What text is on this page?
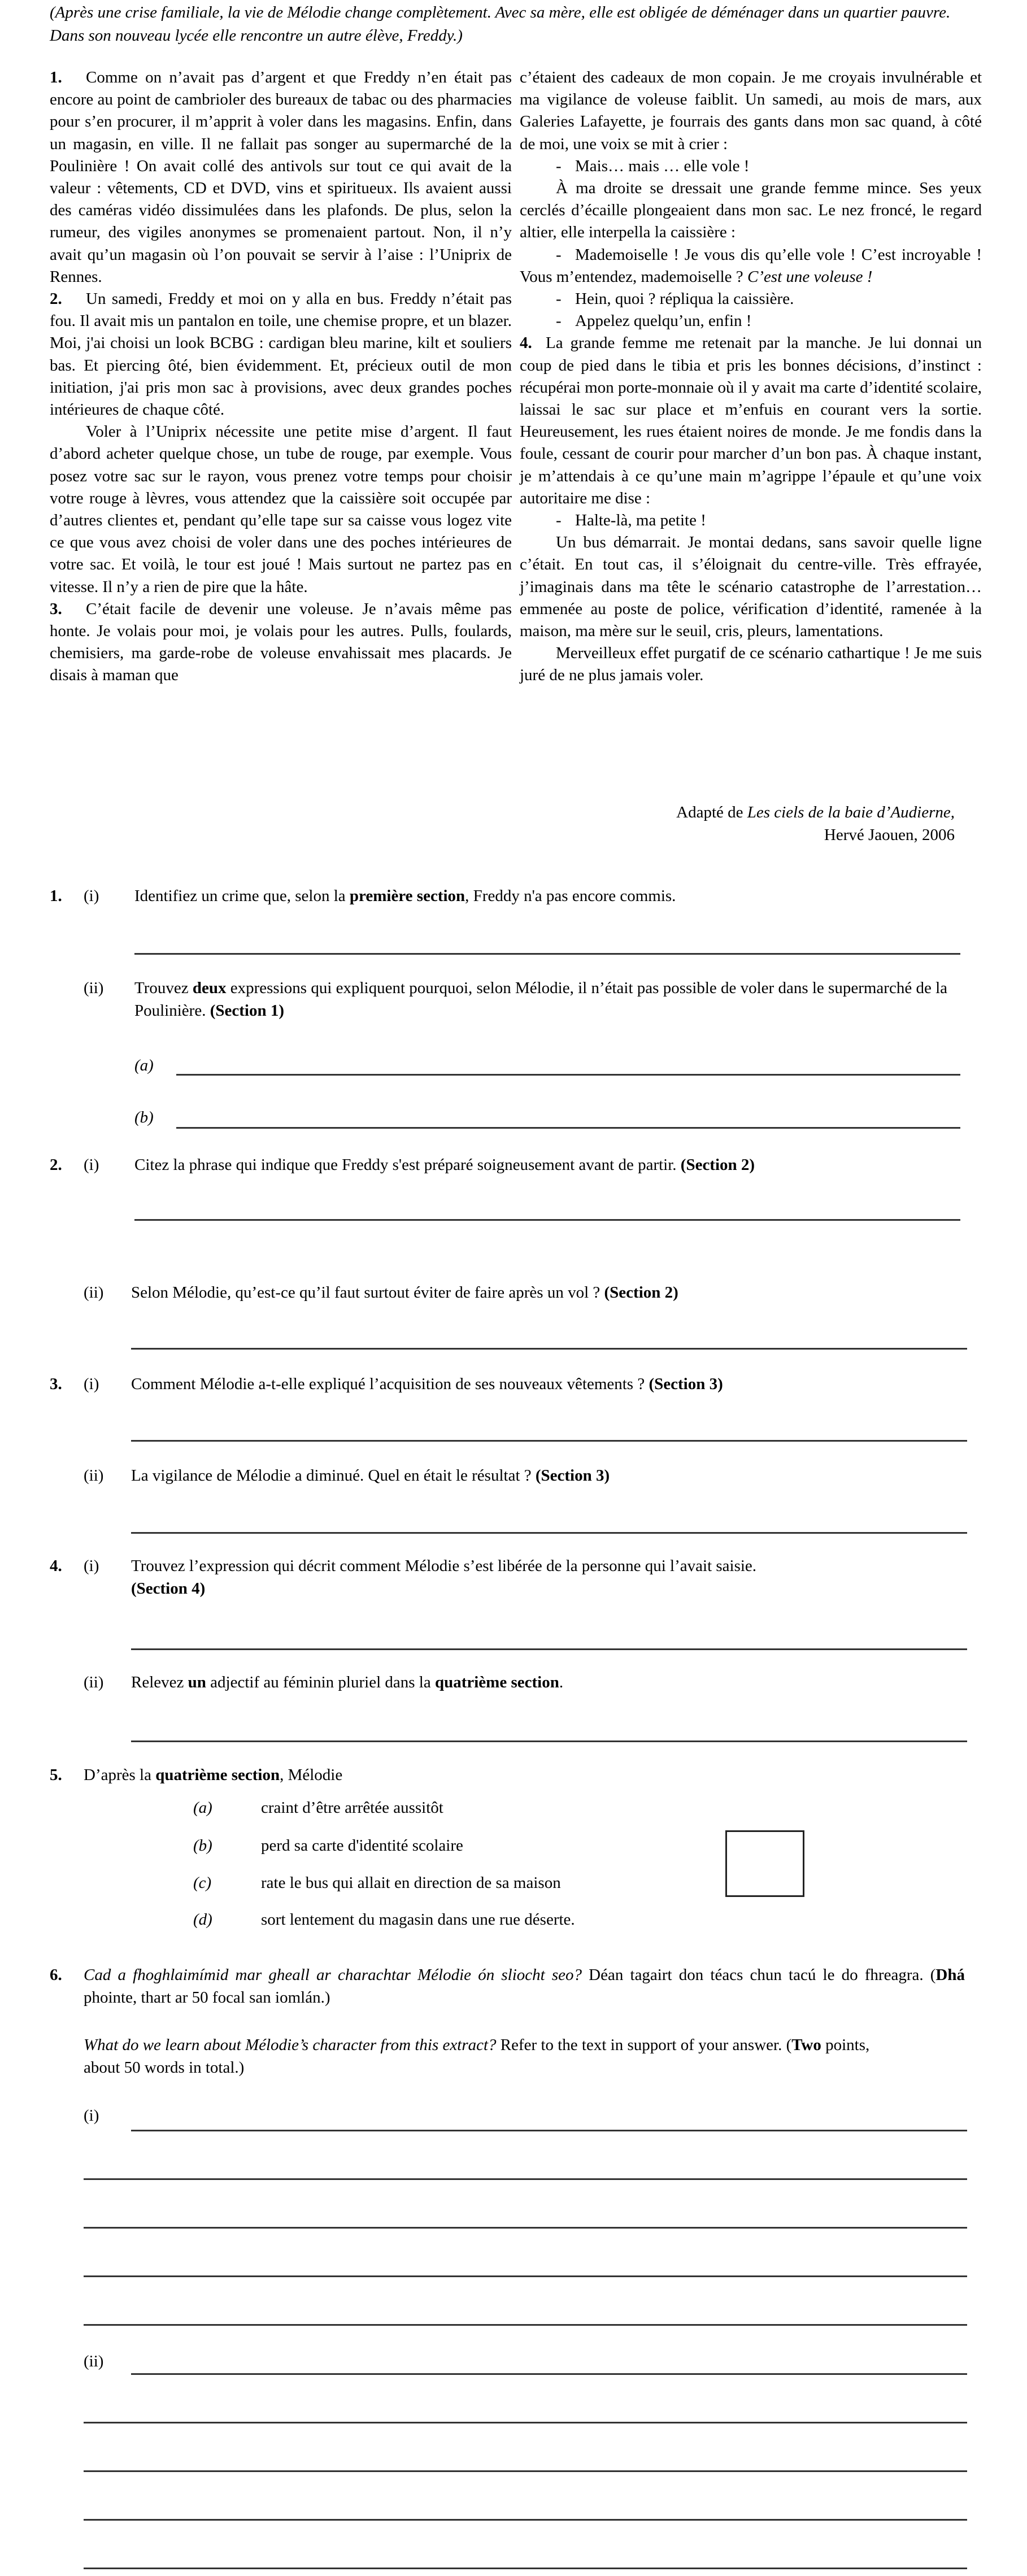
(Après une crise familiale, la vie de Mélodie change complètement. Avec sa mère, elle est obligée de déménager dans un quartier pauvre. Dans son nouveau lycée elle rencontre un autre élève, Freddy.)

1. Comme on n’avait pas d’argent et que Freddy n’en était pas encore au point de cambrioler des bureaux de tabac ou des pharmacies pour s’en procurer, il m’apprit à voler dans les magasins. Enfin, dans un magasin, en ville. Il ne fallait pas songer au supermarché de la Poulinière ! On avait collé des antivols sur tout ce qui avait de la valeur : vêtements, CD et DVD, vins et spiritueux. Ils avaient aussi des caméras vidéo dissimulées dans les plafonds. De plus, selon la rumeur, des vigiles anonymes se promenaient partout. Non, il n’y avait qu’un magasin où l’on pouvait se servir à l’aise : l’Uniprix de Rennes.

2. Un samedi, Freddy et moi on y alla en bus. Freddy n’était pas fou. Il avait mis un pantalon en toile, une chemise propre, et un blazer. Moi, j'ai choisi un look BCBG : cardigan bleu marine, kilt et souliers bas. Et piercing ôté, bien évidemment. Et, précieux outil de mon initiation, j'ai pris mon sac à provisions, avec deux grandes poches intérieures de chaque côté.

Voler à l’Uniprix nécessite une petite mise d’argent. Il faut d’abord acheter quelque chose, un tube de rouge, par exemple. Vous posez votre sac sur le rayon, vous prenez votre temps pour choisir votre rouge à lèvres, vous attendez que la caissière soit occupée par d’autres clientes et, pendant qu’elle tape sur sa caisse vous logez vite ce que vous avez choisi de voler dans une des poches intérieures de votre sac. Et voilà, le tour est joué ! Mais surtout ne partez pas en vitesse. Il n’y a rien de pire que la hâte.

3. C’était facile de devenir une voleuse. Je n’avais même pas honte. Je volais pour moi, je volais pour les autres. Pulls, foulards, chemisiers, ma garde-robe de voleuse envahissait mes placards. Je disais à maman que

c’étaient des cadeaux de mon copain. Je me croyais invulnérable et ma vigilance de voleuse faiblit. Un samedi, au mois de mars, aux Galeries Lafayette, je fourrais des gants dans mon sac quand, à côté de moi, une voix se mit à crier :

- Mais… mais … elle vole !

À ma droite se dressait une grande femme mince. Ses yeux cerclés d’écaille plongeaient dans mon sac. Le nez froncé, le regard altier, elle interpella la caissière :

- Mademoiselle ! Je vous dis qu’elle vole ! C’est incroyable ! Vous m’entendez, mademoiselle ? C’est une voleuse !

- Hein, quoi ? répliqua la caissière.

- Appelez quelqu’un, enfin !

4. La grande femme me retenait par la manche. Je lui donnai un coup de pied dans le tibia et pris les bonnes décisions, d’instinct : récupérai mon porte-monnaie où il y avait ma carte d’identité scolaire, laissai le sac sur place et m’enfuis en courant vers la sortie. Heureusement, les rues étaient noires de monde. Je me fondis dans la foule, cessant de courir pour marcher d’un bon pas. À chaque instant, je m’attendais à ce qu’une main m’agrippe l’épaule et qu’une voix autoritaire me dise :

- Halte-là, ma petite !

Un bus démarrait. Je montai dedans, sans savoir quelle ligne c’était. En tout cas, il s’éloignait du centre-ville. Très effrayée, j’imaginais dans ma tête le scénario catastrophe de l’arrestation… emmenée au poste de police, vérification d’identité, ramenée à la maison, ma mère sur le seuil, cris, pleurs, lamentations.

Merveilleux effet purgatif de ce scénario cathartique ! Je me suis juré de ne plus jamais voler.

Adapté de Les ciels de la baie d’Audierne,
Hervé Jaouen, 2006
1. (i) Identifiez un crime que, selon la première section, Freddy n'a pas encore commis.
(ii) Trouvez deux expressions qui expliquent pourquoi, selon Mélodie, il n’était pas possible de voler dans le supermarché de la Poulinière. (Section 1)
(a)
(b)
2. (i) Citez la phrase qui indique que Freddy s'est préparé soigneusement avant de partir. (Section 2)
(ii) Selon Mélodie, qu’est-ce qu’il faut surtout éviter de faire après un vol ? (Section 2)
3. (i) Comment Mélodie a-t-elle expliqué l’acquisition de ses nouveaux vêtements ? (Section 3)
(ii) La vigilance de Mélodie a diminué. Quel en était le résultat ? (Section 3)
4. (i) Trouvez l’expression qui décrit comment Mélodie s’est libérée de la personne qui l’avait saisie.
(Section 4)
(ii) Relevez un adjectif au féminin pluriel dans la quatrième section.
5. D’après la quatrième section, Mélodie
(a)	craint d’être arrêtée aussitôt
(b)	perd sa carte d'identité scolaire
(c)	rate le bus qui allait en direction de sa maison
(d)	sort lentement du magasin dans une rue déserte.
6. Cad a fhoghlaimímid mar gheall ar charachtar Mélodie ón sliocht seo? Déan tagairt don téacs chun tacú le do fhreagra. (Dhá phointe, thart ar 50 focal san iomlán.)
What do we learn about Mélodie’s character from this extract? Refer to the text in support of your answer. (Two points, about 50 words in total.)
(i)
(ii)
